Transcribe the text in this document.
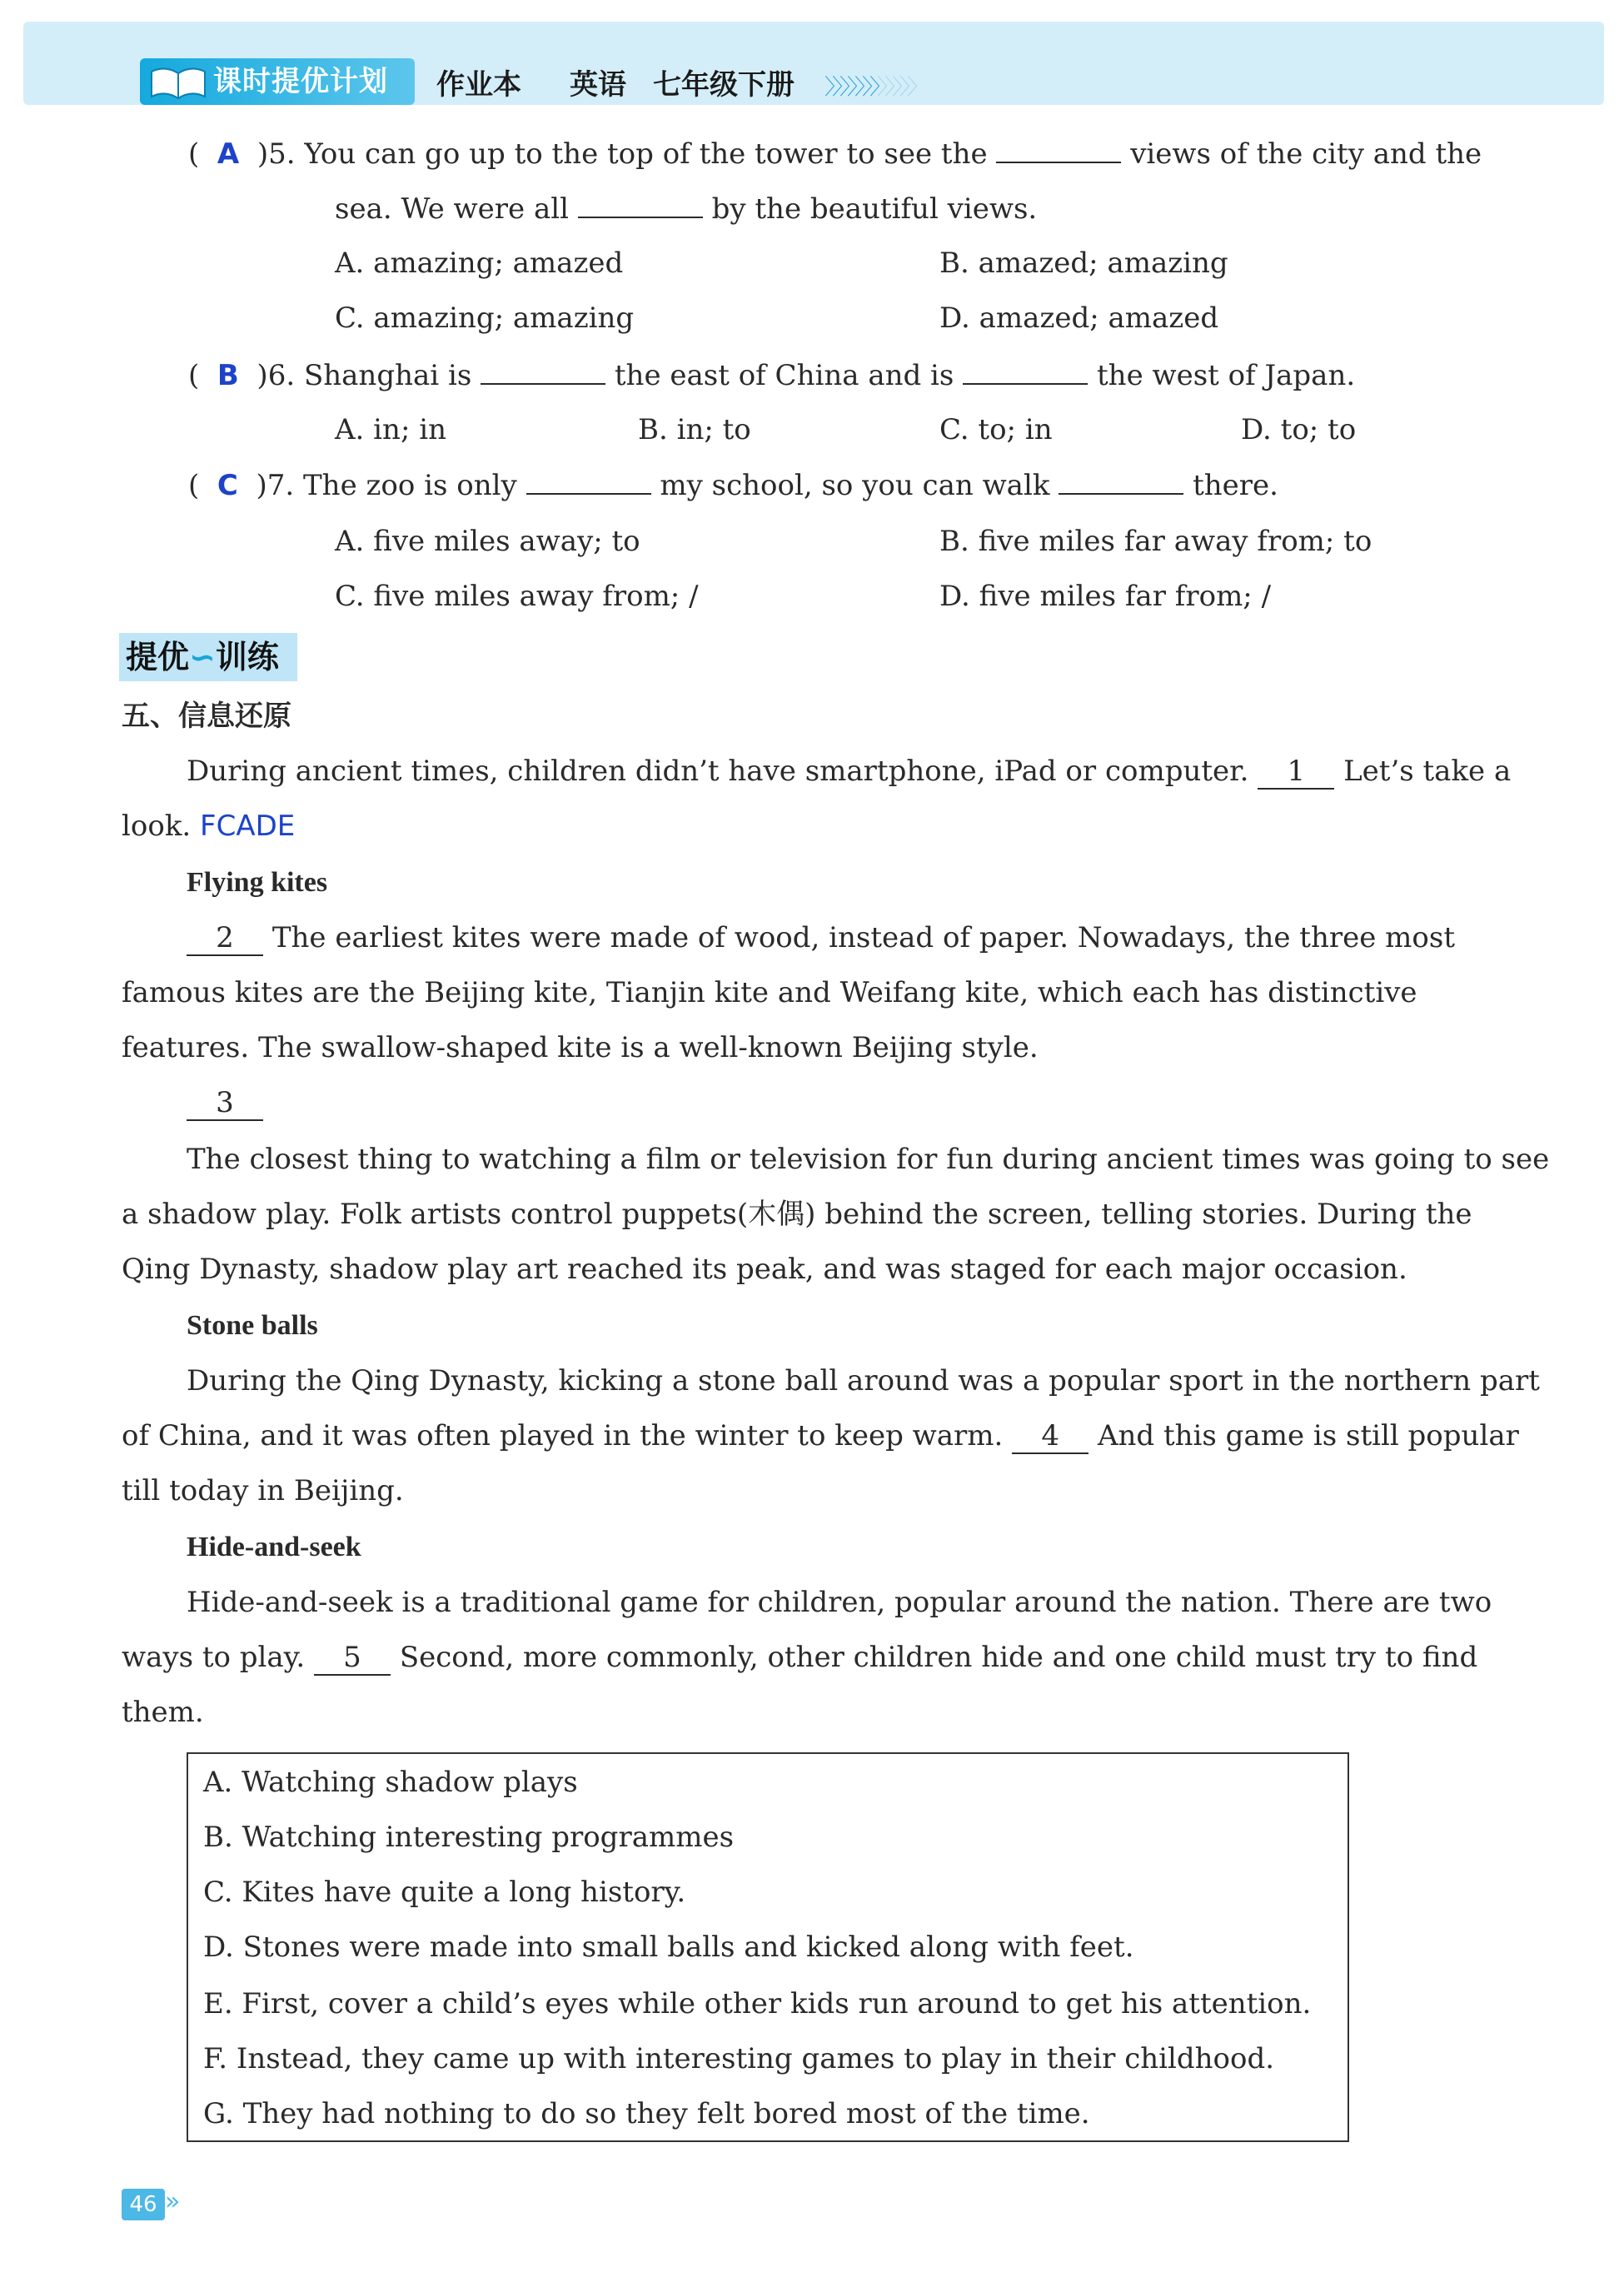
课时提优计划	作业本 英语 七年级下册 〉〉〉〉〉〉〉〉〉〉〉〉
(  A  )5. You can go up to the top of the tower to see the	views of the city and the
sea. We were all	by the beautiful views.
A. amazing; amazed	B. amazed; amazing
C. amazing; amazing	D. amazed; amazed
(  B  )6. Shanghai is	the east of China and is	the west of Japan.
A. in; in	B. in; to	C. to; in	D. to; to
(  C  )7. The zoo is only	my school, so you can walk	there.
A. five miles away; to	B. five miles far away from; to
C. five miles away from; /	D. five miles far from; /
提优∽训练
五、信息还原
During ancient times, children didn’t have smartphone, iPad or computer. 1 Let’s take a
look. FCADE
Flying kites
2 The earliest kites were made of wood, instead of paper. Nowadays, the three most
famous kites are the Beijing kite, Tianjin kite and Weifang kite, which each has distinctive
features. The swallow-shaped kite is a well-known Beijing style.
3
The closest thing to watching a film or television for fun during ancient times was going to see
a shadow play. Folk artists control puppets(木偶) behind the screen, telling stories. During the
Qing Dynasty, shadow play art reached its peak, and was staged for each major occasion.
Stone balls
During the Qing Dynasty, kicking a stone ball around was a popular sport in the northern part
of China, and it was often played in the winter to keep warm. 4 And this game is still popular
till today in Beijing.
Hide-and-seek
Hide-and-seek is a traditional game for children, popular around the nation. There are two
ways to play. 5 Second, more commonly, other children hide and one child must try to find
them.
A. Watching shadow plays
B. Watching interesting programmes
C. Kites have quite a long history.
D. Stones were made into small balls and kicked along with feet.
E. First, cover a child’s eyes while other kids run around to get his attention.
F. Instead, they came up with interesting games to play in their childhood.
G. They had nothing to do so they felt bored most of the time.
46 »
